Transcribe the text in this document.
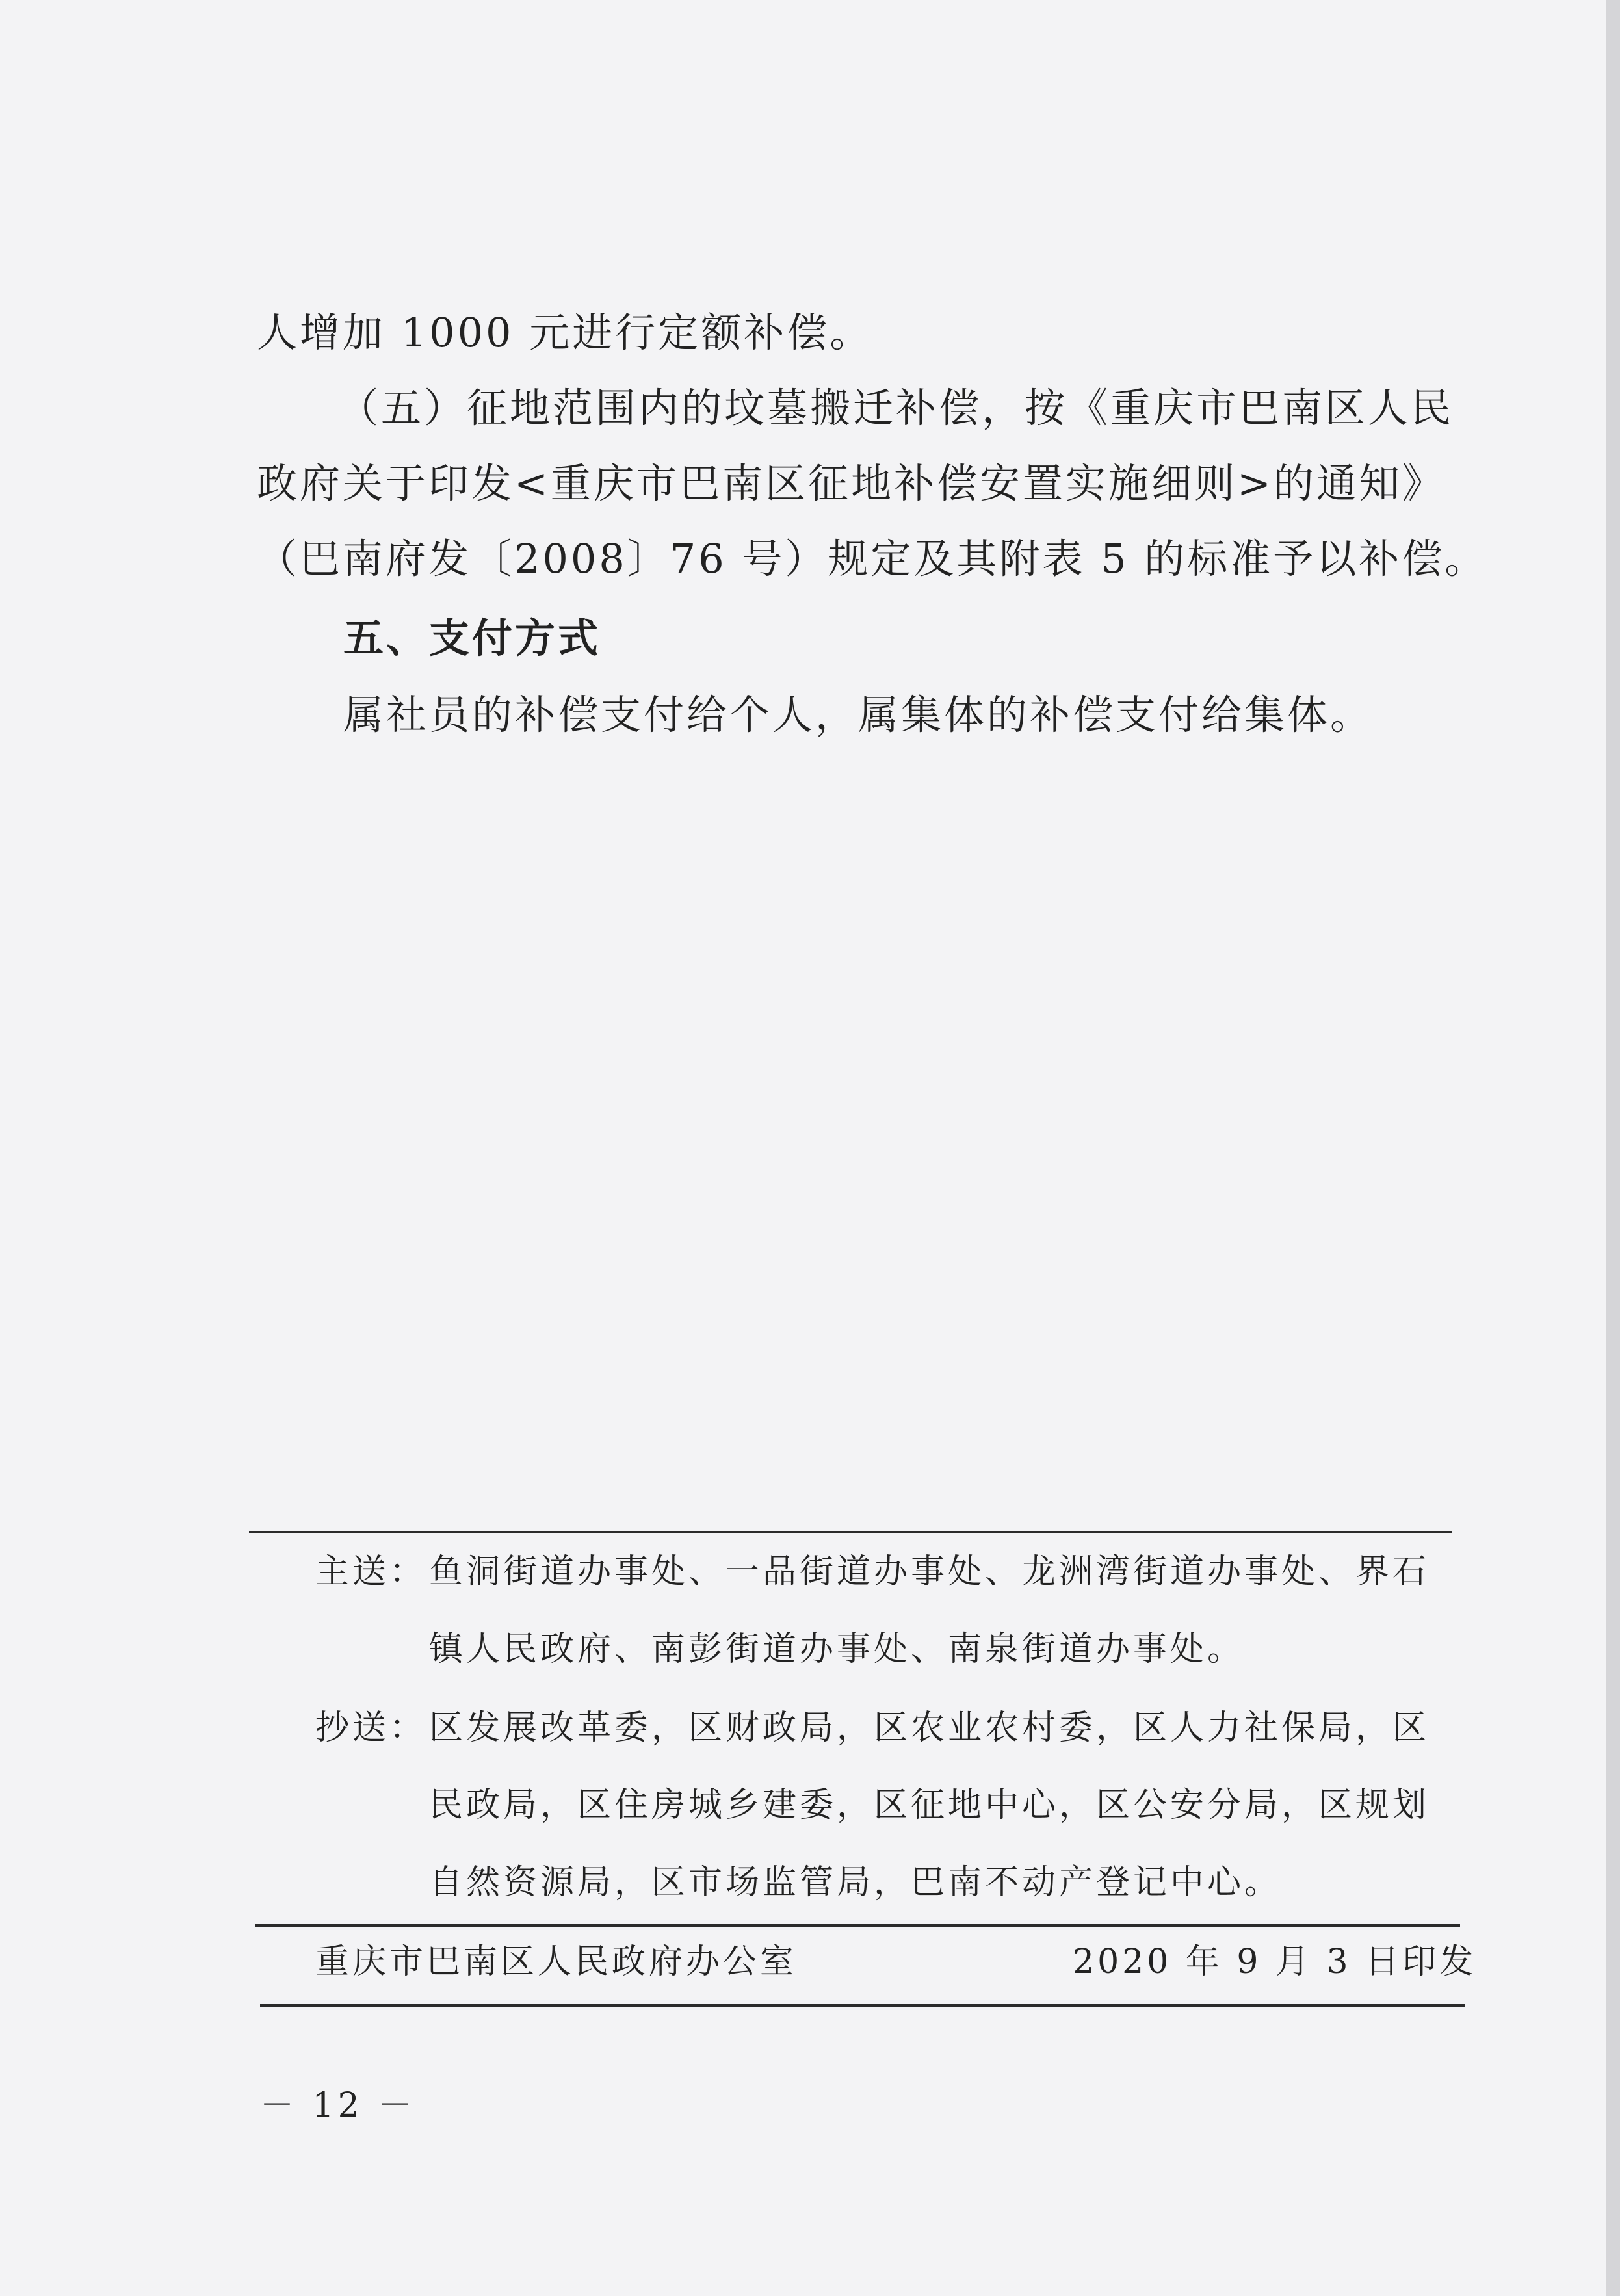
人增加 1000 元进行定额补偿。
（五）征地范围内的坟墓搬迁补偿，按《重庆市巴南区人民
政府关于印发<重庆市巴南区征地补偿安置实施细则>的通知》
（巴南府发〔2008〕76 号）规定及其附表 5 的标准予以补偿。
五、支付方式
属社员的补偿支付给个人，属集体的补偿支付给集体。
主送： 鱼洞街道办事处、一品街道办事处、龙洲湾街道办事处、界石
镇人民政府、南彭街道办事处、南泉街道办事处。
抄送： 区发展改革委，区财政局，区农业农村委，区人力社保局，区
民政局，区住房城乡建委，区征地中心，区公安分局，区规划
自然资源局，区市场监管局，巴南不动产登记中心。
重庆市巴南区人民政府办公室	2020 年 9 月 3 日印发
－ 12 －
